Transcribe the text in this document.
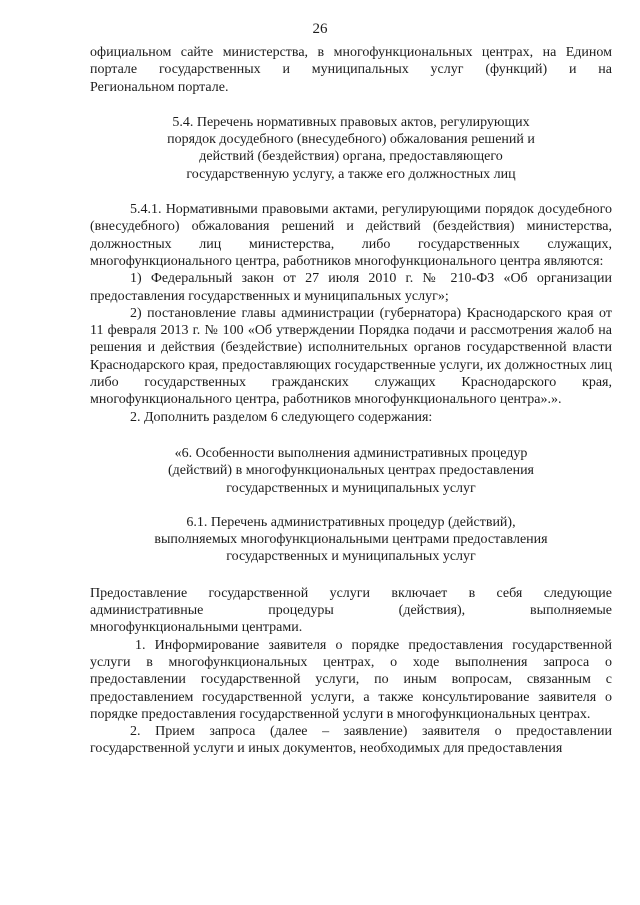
26

официальном сайте министерства, в многофункциональных центрах, на Едином

портале государственных и муниципальных услуг (функций) и на

Региональном портале.

5.4. Перечень нормативных правовых актов, регулирующих

порядок досудебного (внесудебного) обжалования решений и

действий (бездействия) органа, предоставляющего

государственную услугу, а также его должностных лиц

5.4.1. Нормативными правовыми актами, регулирующими порядок досудебного (внесудебного) обжалования решений и действий (бездействия) министерства, должностных лиц министерства, либо государственных служащих, многофункционального центра, работников многофункционального центра являются:

1) Федеральный закон от 27 июля 2010 г. № 210-ФЗ «Об организации предоставления государственных и муниципальных услуг»;

2) постановление главы администрации (губернатора) Краснодарского края от 11 февраля 2013 г. № 100 «Об утверждении Порядка подачи и рассмотрения жалоб на решения и действия (бездействие) исполнительных органов государственной власти Краснодарского края, предоставляющих государственные услуги, их должностных лиц либо государственных гражданских служащих Краснодарского края, многофункционального центра, работников многофункционального центра».».

2. Дополнить разделом 6 следующего содержания:

«6. Особенности выполнения административных процедур

(действий) в многофункциональных центрах предоставления

государственных и муниципальных услуг

6.1. Перечень административных процедур (действий),

выполняемых многофункциональными центрами предоставления

государственных и муниципальных услуг

Предоставление государственной услуги включает в себя следующие

административные процедуры (действия), выполняемые

многофункциональными центрами.

1. Информирование заявителя о порядке предоставления государственной услуги в многофункциональных центрах, о ходе выполнения запроса о предоставлении государственной услуги, по иным вопросам, связанным с предоставлением государственной услуги, а также консультирование заявителя о порядке предоставления государственной услуги в многофункциональных центрах.

2. Прием запроса (далее – заявление) заявителя о предоставлении государственной услуги и иных документов, необходимых для предоставления
